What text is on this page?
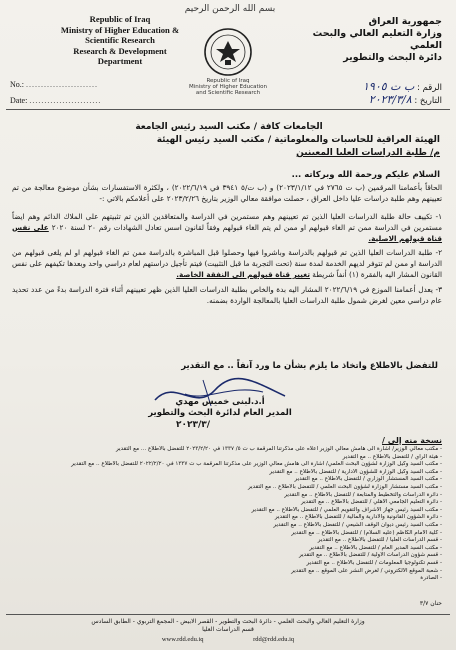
بسم الله الرحمن الرحيم
Republic of Iraq
Ministry of Higher Education &
Scientific Research
Research & Development
Department
Republic of Iraq
Ministry of Higher Education and Scientific Research
جمهورية العراق
وزارة التعليم العالي والبحث العلمي
دائرة البحث والتطوير
No.: ........................
Date: ........................
الرقم : ب ت ١٩٠٥
التاريخ : ٢٠٢٣/٣/٨
الجامعات كافة / مكتب السيد رئيس الجامعة
الهيئة العراقية للحاسبات والمعلوماتية / مكتب السيد رئيس الهيئة
م/ طلبة الدراسات العليا المعينين
السلام عليكم ورحمة الله وبركاته ...
الحاقاً بأعمامنا المرقمين (ب ت ٢٧٦٥ في ٢٠٢٣/١/١٢) و (ب ت/٥ ٣٩٤١ في ٢٠٢٢/٦/١٩) ، ولكثرة الاستفسارات بشأن موضوع معالجة من تم تعيينهم وهم طلبة دراسات عليا داخل العراق ، حصلت موافقة معالي الوزير بتاريخ ٢٠٢٣/٢/٢٦ على أعلامكم بالاتي :-
١- تكييف حالة طلبة الدراسات العليا الذين تم تعيينهم وهم مستمرين في الدراسة والمتعاقدين الذين تم تثبيتهم على الملاك الدائم وهم ايضاً مستمرين في الدراسة ممن تم الغاء قبولهم او ممن لم يتم الغاء قبولهم وفقاً لقانون اسس تعادل الشهادات رقم ٢٠ لسنة ٢٠٢٠ على نفس قناة قبولهم الاصلية.
٢- طلبة الدراسات العليا الذين تم قبولهم بالدراسة وباشروا فيها وحصلوا قبل المباشرة بالدراسة ممن تم الغاء قبولهم او لم يلغى قبولهم من الدراسة او ممن لم تتوفر لديهم الخدمة لمدة سنة (تحت التجربة ما قبل التثبيت) فيتم تأجيل دراستهم لعام دراسي واحد وبعدها تكيفهم على نفس القانون المشار اليه بالفقرة (١) أنفاً شريطة تغيير قناة قبولهم الى النفقة الخاصة.
٣- يعدل أعمامنا الموزع في ٢٠٢٢/٦/١٩ المشار اليه بدة والخاص بطلبة الدراسات العليا الذين ظهر تعيينهم أثناء فترة الدراسة بدءً من عدد تحديد عام دراسي معين لغرض شمول طلبة الدراسات العليا بالمعالجة الواردة بضمنه.
للتفضل بالاطلاع واتخاذ ما يلزم بشأن ما ورد آنفاً .. مع التقدير
أ.د.لبنى خميس مهدي
المدير العام لدائرة البحث والتطوير
٢٠٢٣/٣/
نسخة منه إلى /
- مكتب معالي الوزير/ اشارة الى هامش معالي الوزير اعلاه على مذكرتنا المرقمة ب ت ٥/ ١٣٣٧ في ٢٠٢٣/٢/٢٠ للتفضل بالاطلاع ... مع التقدير
- هيئة الرأي / للتفضل بالاطلاع .. مع التقدير
- مكتب السيد وكيل الوزارة لشؤون البحث العلمي/ اشارة الى هامش معالي الوزير على مذكرتنا المرقمة ب ت ١٣٣٧ في ٢٠٢٢/٢/٢٠ للتفضل بالاطلاع .. مع التقدير
- مكتب السيد وكيل الوزارة للشؤون الادارية / للتفضل بالاطلاع .. مع التقدير
- مكتب السيد المستشار الوزاري / للتفضل بالاطلاع .. مع التقدير
- مكتب السيد مستشار الوزارة لشؤون البحث العلمي / للتفضل بالاطلاع .. مع التقدير
- دائرة الدراسات والتخطيط والمتابعة / للتفضل بالاطلاع .. مع التقدير
- دائرة التعليم الجامعي الاهلي / للتفضل بالاطلاع .. مع التقدير
- مكتب السيد رئيس جهاز الاشراف والتقويم العلمي / للتفضل بالاطلاع .. مع التقدير
- دائرة الشؤون القانونية والادارية والمالية / للتفضل بالاطلاع .. مع التقدير
- مكتب السيد رئيس ديوان الوقف الشيعي / للتفضل بالاطلاع .. مع التقدير
- كلية الامام الكاظم (عليه السلام) / للتفضل بالاطلاع .. مع التقدير
- قسم الدراسات العليا / للتفضل بالاطلاع .. مع التقدير
- مكتب السيد المدير العام / للتفضل بالاطلاع .. مع التقدير
- قسم شؤون الدراسات الأولية / للتفضل بالاطلاع .. مع التقدير
- قسم تكنولوجيا المعلومات / للتفضل بالاطلاع .. مع التقدير
- شعبة الموقع الالكتروني / لغرض النشر على الموقع .. مع التقدير
- الصادرة
حنان ٣/٧
وزارة التعليم العالي والبحث العلمي - دائرة البحث والتطوير - القصر الابيض - المجمع التربوي - الطابق السادس
قسم الدراسات العليا
www.rdd.edu.iq	rdd@rdd.edu.iq
